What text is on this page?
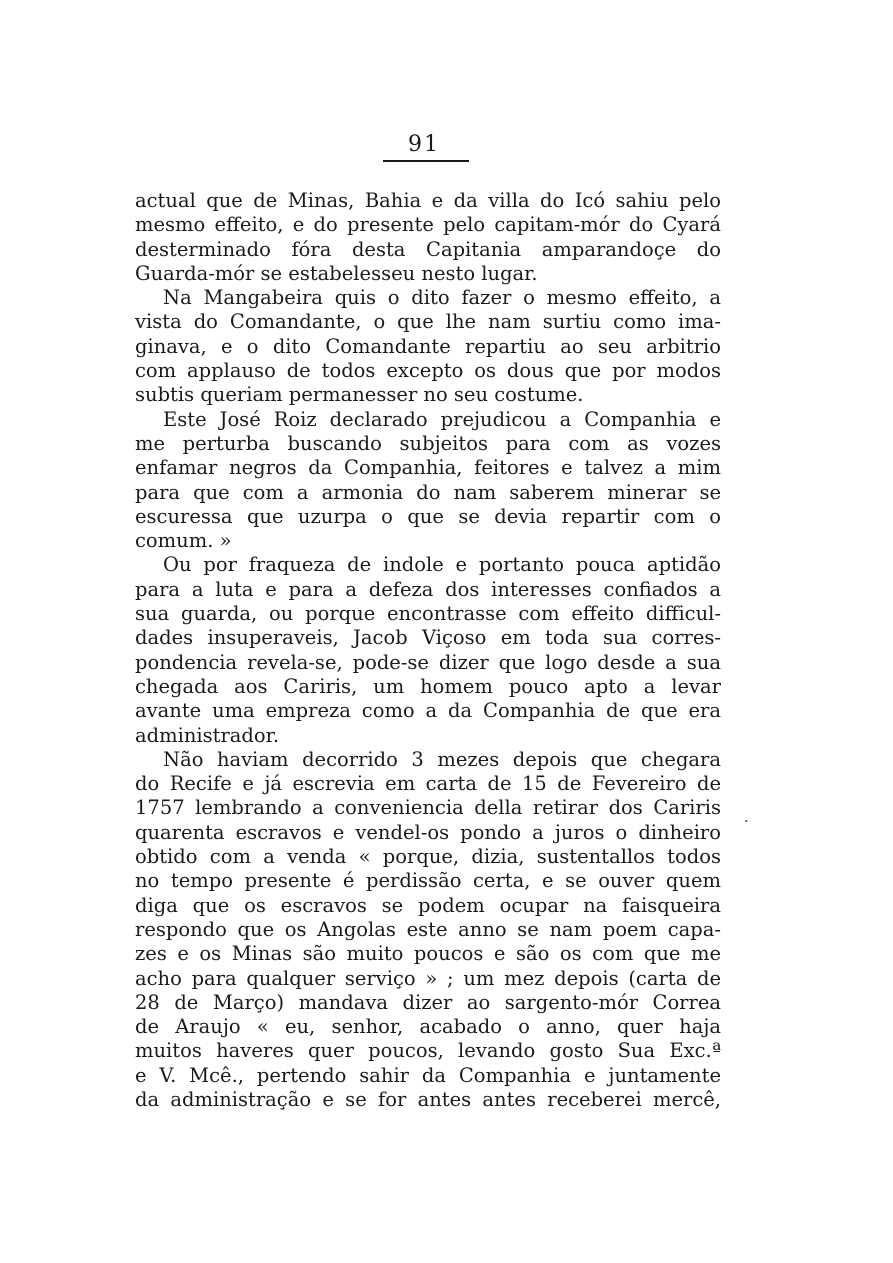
91
·
actual que de Minas, Bahia e da villa do Icó sahiu pelo
mesmo effeito, e do presente pelo capitam-mór do Cyará
desterminado fóra desta Capitania amparandoçe do
Guarda-mór se estabelesseu nesto lugar.
Na Mangabeira quis o dito fazer o mesmo effeito, a
vista do Comandante, o que lhe nam surtiu como ima-
ginava, e o dito Comandante repartiu ao seu arbitrio
com applauso de todos excepto os dous que por modos
subtis queriam permanesser no seu costume.
Este José Roiz declarado prejudicou a Companhia e
me perturba buscando subjeitos para com as vozes
enfamar negros da Companhia, feitores e talvez a mim
para que com a armonia do nam saberem minerar se
escuressa que uzurpa o que se devia repartir com o
comum. »
Ou por fraqueza de indole e portanto pouca aptidão
para a luta e para a defeza dos interesses confiados a
sua guarda, ou porque encontrasse com effeito difficul-
dades insuperaveis, Jacob Viçoso em toda sua corres-
pondencia revela-se, pode-se dizer que logo desde a sua
chegada aos Cariris, um homem pouco apto a levar
avante uma empreza como a da Companhia de que era
administrador.
Não haviam decorrido 3 mezes depois que chegara
do Recife e já escrevia em carta de 15 de Fevereiro de
1757 lembrando a conveniencia della retirar dos Cariris
quarenta escravos e vendel-os pondo a juros o dinheiro
obtido com a venda « porque, dizia, sustentallos todos
no tempo presente é perdissão certa, e se ouver quem
diga que os escravos se podem ocupar na faisqueira
respondo que os Angolas este anno se nam poem capa-
zes e os Minas são muito poucos e são os com que me
acho para qualquer serviço » ; um mez depois (carta de
28 de Março) mandava dizer ao sargento-mór Correa
de Araujo « eu, senhor, acabado o anno, quer haja
muitos haveres quer poucos, levando gosto Sua Exc.ª
e V. Mcê., pertendo sahir da Companhia e juntamente
da administração e se for antes antes receberei mercê,
